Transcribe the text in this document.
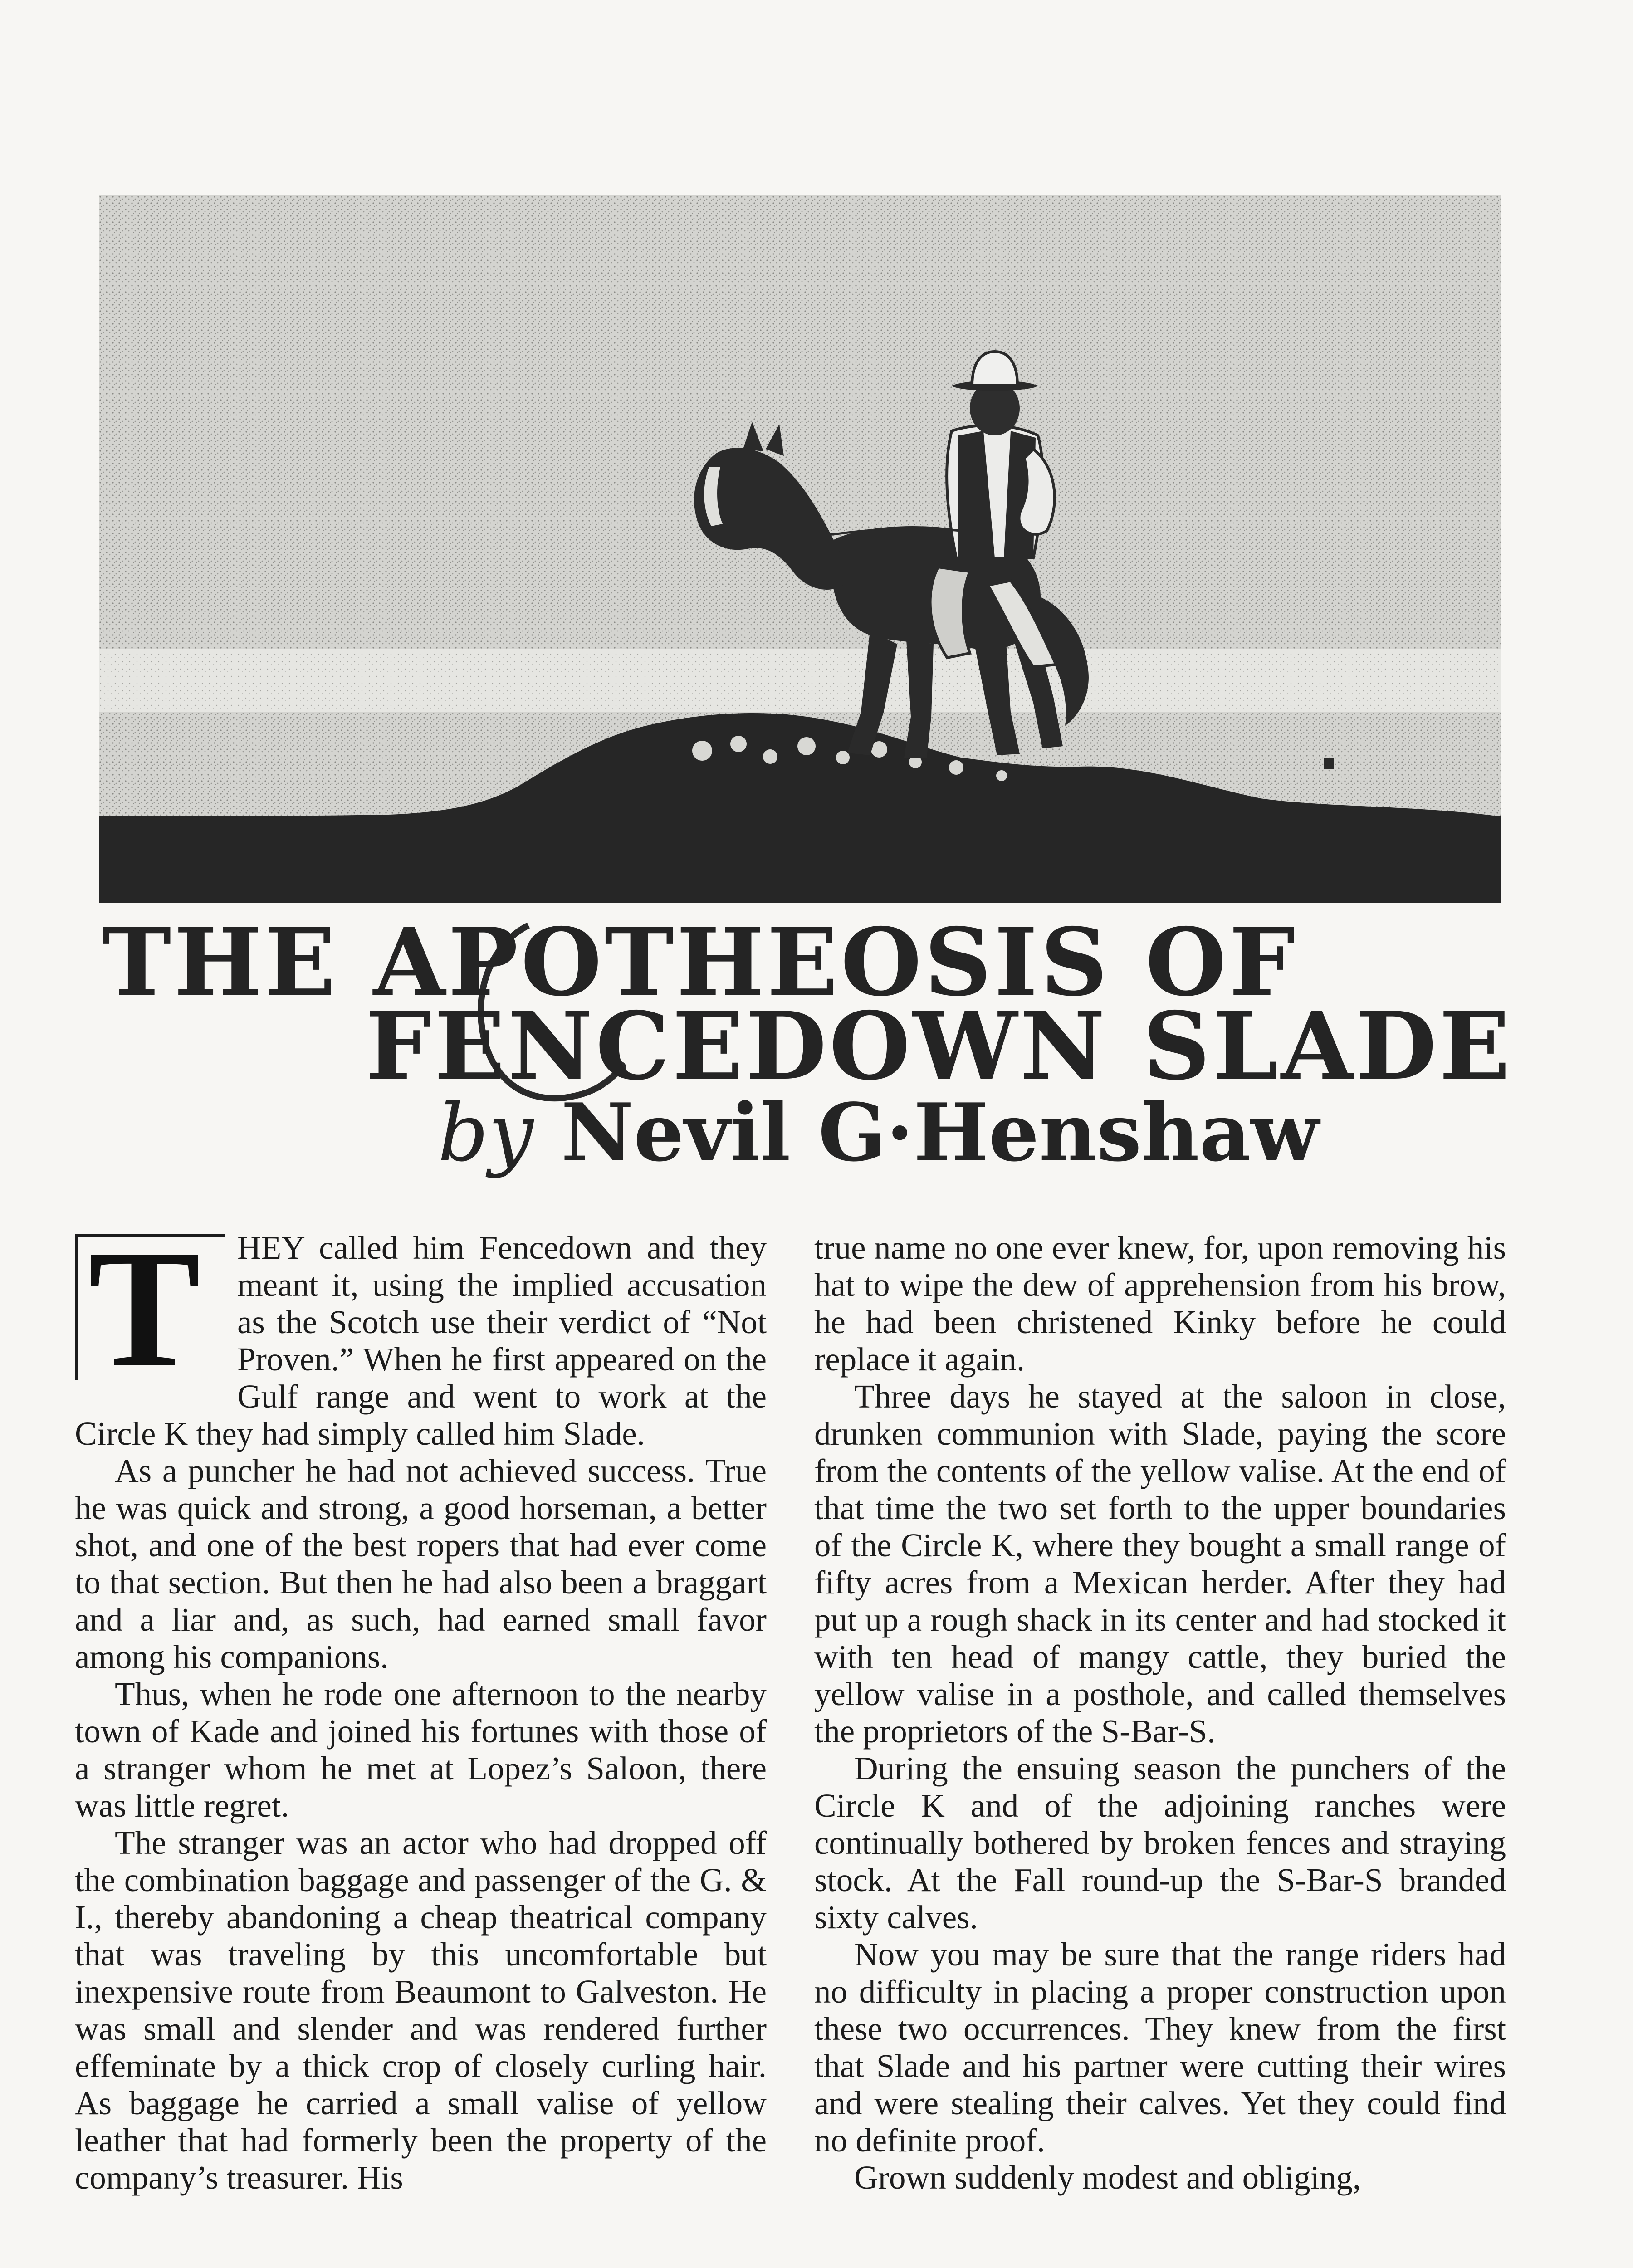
THE APOTHEOSIS OF
FENCEDOWN SLADE
by Nevil G·Henshaw

T HEY called him Fencedown and they meant it, using the implied accusation as the Scotch use their verdict of “Not Proven.” When he first appeared on the Gulf range and went to work at the Circle K they had simply called him Slade.

As a puncher he had not achieved success. True he was quick and strong, a good horseman, a better shot, and one of the best ropers that had ever come to that section. But then he had also been a braggart and a liar and, as such, had earned small favor among his companions.

Thus, when he rode one afternoon to the nearby town of Kade and joined his fortunes with those of a stranger whom he met at Lopez’s Saloon, there was little regret.

The stranger was an actor who had dropped off the combination baggage and passenger of the G. & I., thereby abandoning a cheap theatrical company that was traveling by this uncomfortable but inexpensive route from Beaumont to Galveston. He was small and slender and was rendered further effeminate by a thick crop of closely curling hair. As baggage he carried a small valise of yellow leather that had formerly been the property of the company’s treasurer. His

true name no one ever knew, for, upon removing his hat to wipe the dew of apprehension from his brow, he had been christened Kinky before he could replace it again.

Three days he stayed at the saloon in close, drunken communion with Slade, paying the score from the contents of the yellow valise. At the end of that time the two set forth to the upper boundaries of the Circle K, where they bought a small range of fifty acres from a Mexican herder. After they had put up a rough shack in its center and had stocked it with ten head of mangy cattle, they buried the yellow valise in a posthole, and called themselves the proprietors of the S-Bar-S.

During the ensuing season the punchers of the Circle K and of the adjoining ranches were continually bothered by broken fences and straying stock. At the Fall round-up the S-Bar-S branded sixty calves.

Now you may be sure that the range riders had no difficulty in placing a proper construction upon these two occurrences. They knew from the first that Slade and his partner were cutting their wires and were stealing their calves. Yet they could find no definite proof.

Grown suddenly modest and obliging,
